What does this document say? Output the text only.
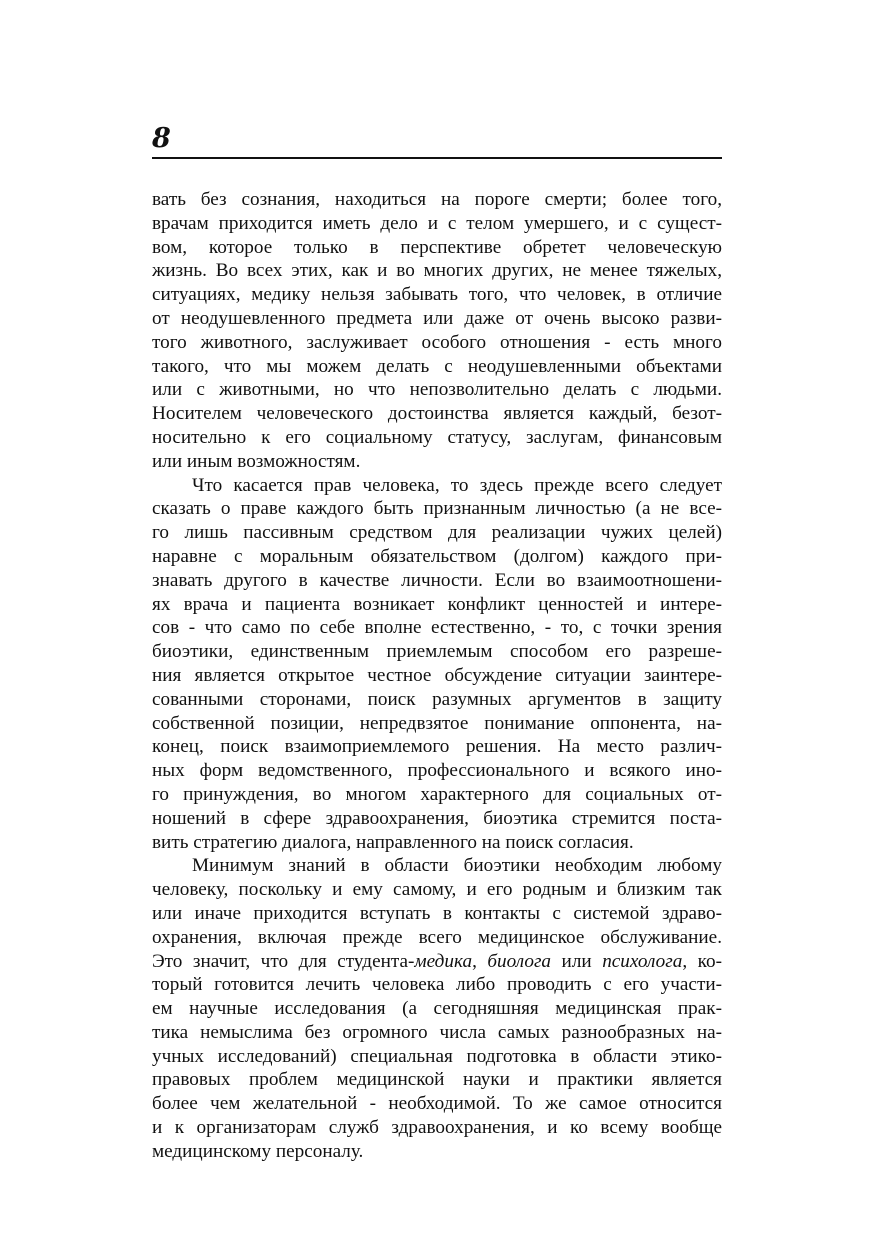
8
вать без сознания, находиться на пороге смерти; более того,
врачам приходится иметь дело и с телом умершего, и с сущест-
вом, которое только в перспективе обретет человеческую
жизнь. Во всех этих, как и во многих других, не менее тяжелых,
ситуациях, медику нельзя забывать того, что человек, в отличие
от неодушевленного предмета или даже от очень высоко разви-
того животного, заслуживает особого отношения - есть много
такого, что мы можем делать с неодушевленными объектами
или с животными, но что непозволительно делать с людьми.
Носителем человеческого достоинства является каждый, безот-
носительно к его социальному статусу, заслугам, финансовым
или иным возможностям.
Что касается прав человека, то здесь прежде всего следует
сказать о праве каждого быть признанным личностью (а не все-
го лишь пассивным средством для реализации чужих целей)
наравне с моральным обязательством (долгом) каждого при-
знавать другого в качестве личности. Если во взаимоотношени-
ях врача и пациента возникает конфликт ценностей и интере-
сов - что само по себе вполне естественно, - то, с точки зрения
биоэтики, единственным приемлемым способом его разреше-
ния является открытое честное обсуждение ситуации заинтере-
сованными сторонами, поиск разумных аргументов в защиту
собственной позиции, непредвзятое понимание оппонента, на-
конец, поиск взаимоприемлемого решения. На место различ-
ных форм ведомственного, профессионального и всякого ино-
го принуждения, во многом характерного для социальных от-
ношений в сфере здравоохранения, биоэтика стремится поста-
вить стратегию диалога, направленного на поиск согласия.
Минимум знаний в области биоэтики необходим любому
человеку, поскольку и ему самому, и его родным и близким так
или иначе приходится вступать в контакты с системой здраво-
охранения, включая прежде всего медицинское обслуживание.
Это значит, что для студента-медика, биолога или психолога, ко-
торый готовится лечить человека либо проводить с его участи-
ем научные исследования (а сегодняшняя медицинская прак-
тика немыслима без огромного числа самых разнообразных на-
учных исследований) специальная подготовка в области этико-
правовых проблем медицинской науки и практики является
более чем желательной - необходимой. То же самое относится
и к организаторам служб здравоохранения, и ко всему вообще
медицинскому персоналу.
